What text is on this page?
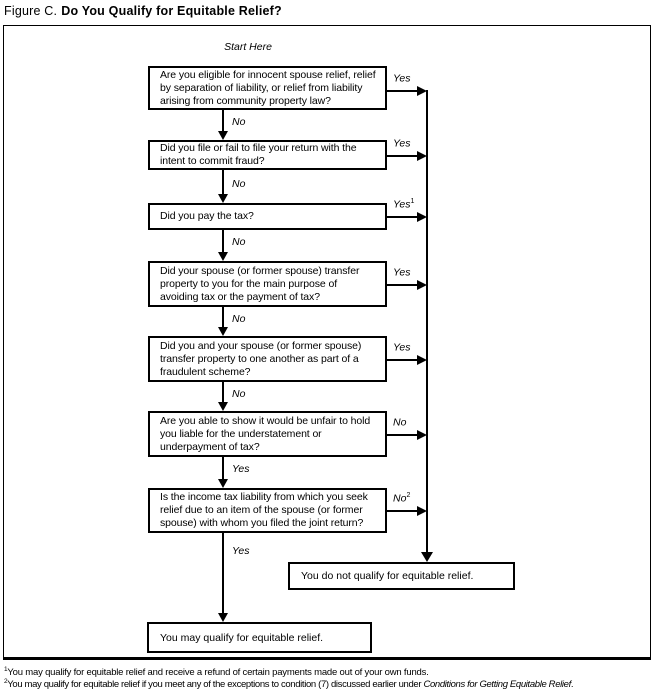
Figure C. Do You Qualify for Equitable Relief?
Start Here
Are you eligible for innocent spouse relief, relief
by separation of liability, or relief from liability
arising from community property law?
Did you file or fail to file your return with the
intent to commit fraud?
Did you pay the tax?
Did your spouse (or former spouse) transfer
property to you for the main purpose of
avoiding tax or the payment of tax?
Did you and your spouse (or former spouse)
transfer property to one another as part of a
fraudulent scheme?
Are you able to show it would be unfair to hold
you liable for the understatement or
underpayment of tax?
Is the income tax liability from which you seek
relief due to an item of the spouse (or former
spouse) with whom you filed the joint return?
You do not qualify for equitable relief.
You may qualify for equitable relief.
No
No
No
No
No
Yes
Yes
Yes
Yes
Yes$^1$
Yes
Yes
No
No$^2$
$^1$You may qualify for equitable relief and receive a refund of certain payments made out of your own funds.
$^2$You may qualify for equitable relief if you meet any of the exceptions to condition (7) discussed earlier under Conditions for Getting Equitable Relief.
